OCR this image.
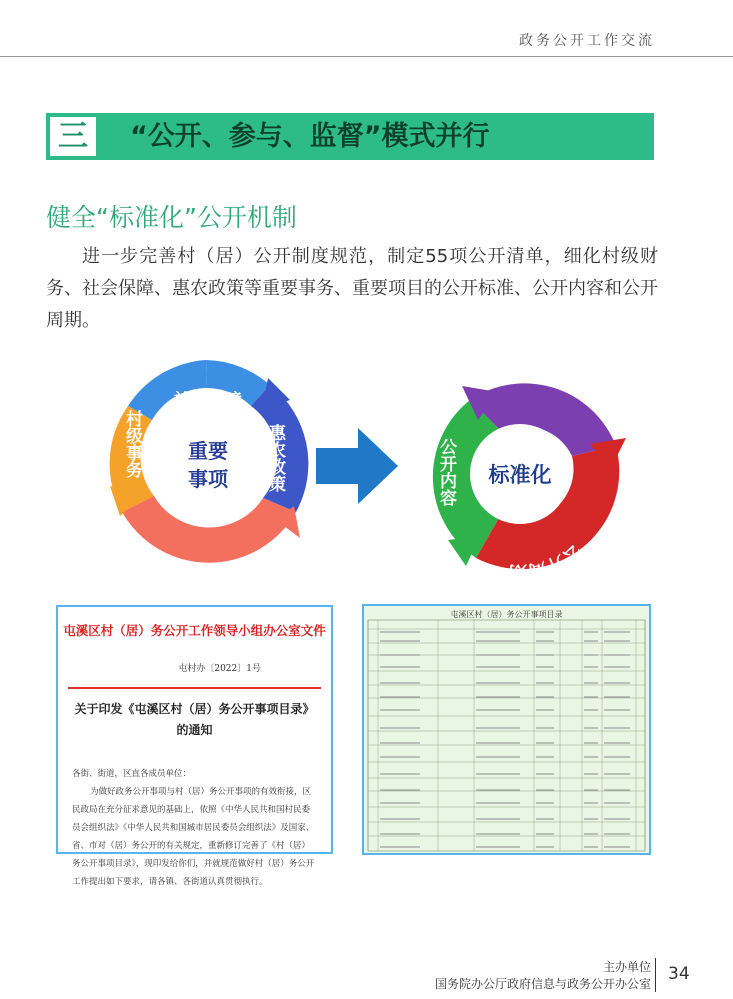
政务公开工作交流
三	“公开、参与、监督”模式并行
健全“标准化”公开机制
进一步完善村（居）公开制度规范，制定55项公开清单，细化村级财务、社会保障、惠农政策等重要事务、重要项目的公开标准、公开内容和公开周期。
重要
事项
社会保障
惠农政策
村级事务	标准化
公开标准
公开周期
公开内容
屯溪区村（居）务公开工作领导小组办公室文件
屯村办〔2022〕1号
关于印发《屯溪区村（居）务公开事项目录》
的通知
各街、街道，区直各成员单位：
为做好政务公开事项与村（居）务公开事项的有效衔接，区民政局在充分征求意见的基础上，依照《中华人民共和国村民委员会组织法》《中华人民共和国城市居民委员会组织法》及国家、省、市对（居）务公开的有关规定，重新修订完善了《村（居）务公开事项目录》，现印发给你们，并就规范做好村（居）务公开工作提出如下要求，请各镇、各街道认真贯彻执行。
屯溪区村（居）务公开事项目录
主办单位
国务院办公厅政府信息与政务公开办公室 34
